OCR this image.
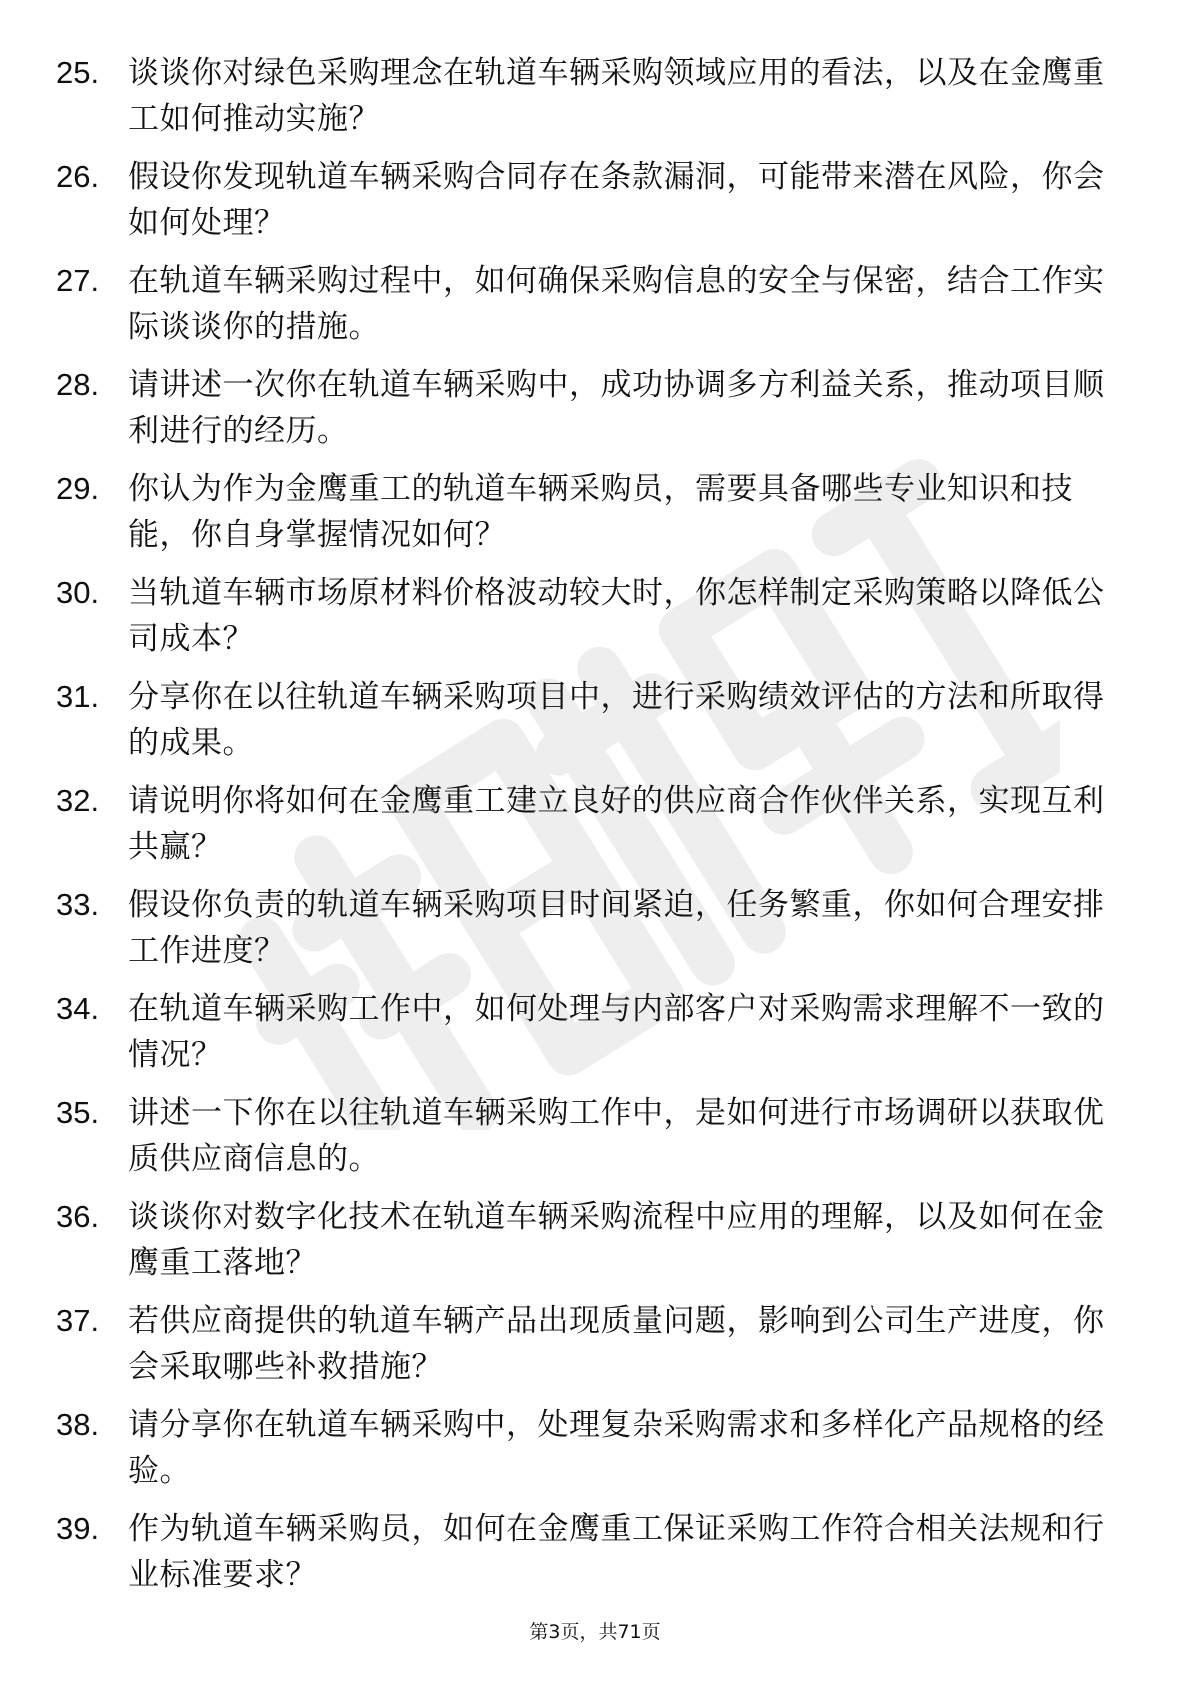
25. 谈谈你对绿色采购理念在轨道车辆采购领域应用的看法，以及在金鹰重工如何推动实施？
26. 假设你发现轨道车辆采购合同存在条款漏洞，可能带来潜在风险，你会如何处理？
27. 在轨道车辆采购过程中，如何确保采购信息的安全与保密，结合工作实际谈谈你的措施。
28. 请讲述一次你在轨道车辆采购中，成功协调多方利益关系，推动项目顺利进行的经历。
29. 你认为作为金鹰重工的轨道车辆采购员，需要具备哪些专业知识和技能，你自身掌握情况如何？
30. 当轨道车辆市场原材料价格波动较大时，你怎样制定采购策略以降低公司成本？
31. 分享你在以往轨道车辆采购项目中，进行采购绩效评估的方法和所取得的成果。
32. 请说明你将如何在金鹰重工建立良好的供应商合作伙伴关系，实现互利共赢？
33. 假设你负责的轨道车辆采购项目时间紧迫，任务繁重，你如何合理安排工作进度？
34. 在轨道车辆采购工作中，如何处理与内部客户对采购需求理解不一致的情况？
35. 讲述一下你在以往轨道车辆采购工作中，是如何进行市场调研以获取优质供应商信息的。
36. 谈谈你对数字化技术在轨道车辆采购流程中应用的理解，以及如何在金鹰重工落地？
37. 若供应商提供的轨道车辆产品出现质量问题，影响到公司生产进度，你会采取哪些补救措施？
38. 请分享你在轨道车辆采购中，处理复杂采购需求和多样化产品规格的经验。
39. 作为轨道车辆采购员，如何在金鹰重工保证采购工作符合相关法规和行业标准要求？
第3页，共71页
